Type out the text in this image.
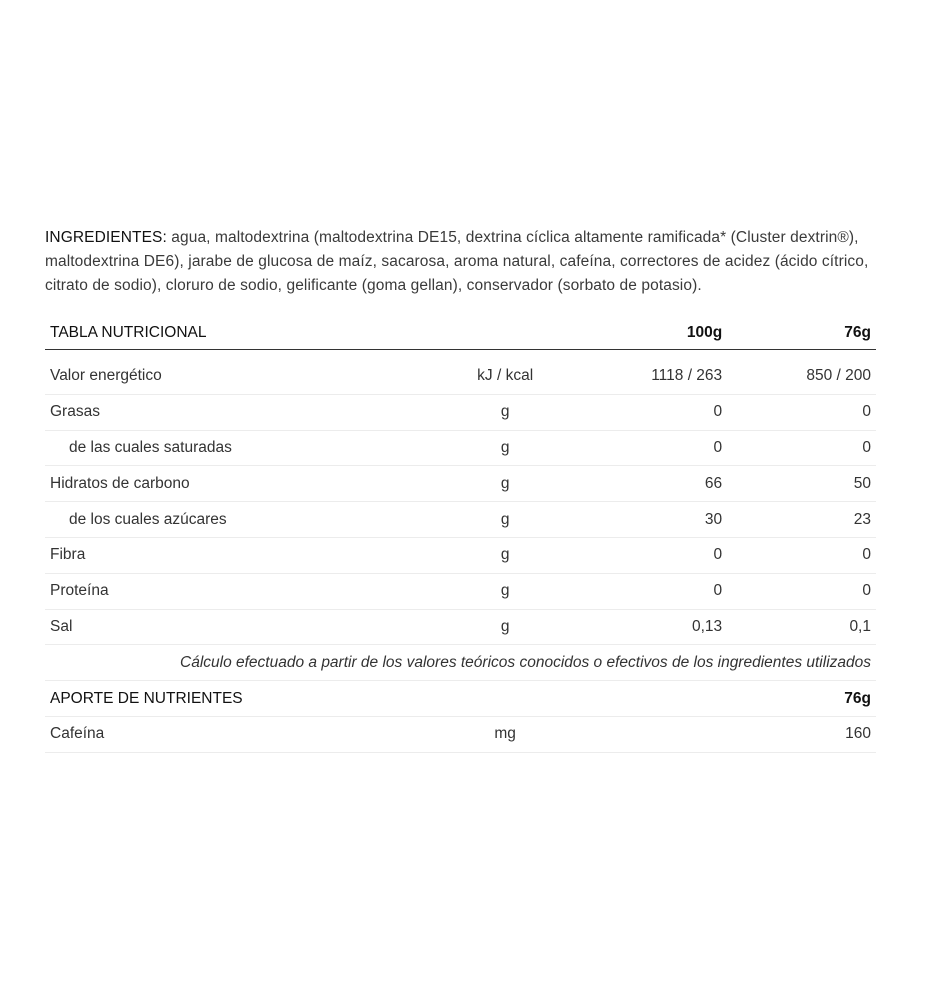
INGREDIENTES: agua, maltodextrina (maltodextrina DE15, dextrina cíclica altamente ramificada* (Cluster dextrin®), maltodextrina DE6), jarabe de glucosa de maíz, sacarosa, aroma natural, cafeína, correctores de acidez (ácido cítrico, citrato de sodio), cloruro de sodio, gelificante (goma gellan), conservador (sorbato de potasio).

TABLA NUTRICIONAL		100g	76g

Valor energético	kJ / kcal	1118 / 263	850 / 200
Grasas	g	0	0
de las cuales saturadas	g	0	0
Hidratos de carbono	g	66	50
de los cuales azúcares	g	30	23
Fibra	g	0	0
Proteína	g	0	0
Sal	g	0,13	0,1
Cálculo efectuado a partir de los valores teóricos conocidos o efectivos de los ingredientes utilizados			
APORTE DE NUTRIENTES			76g
Cafeína	mg		160
